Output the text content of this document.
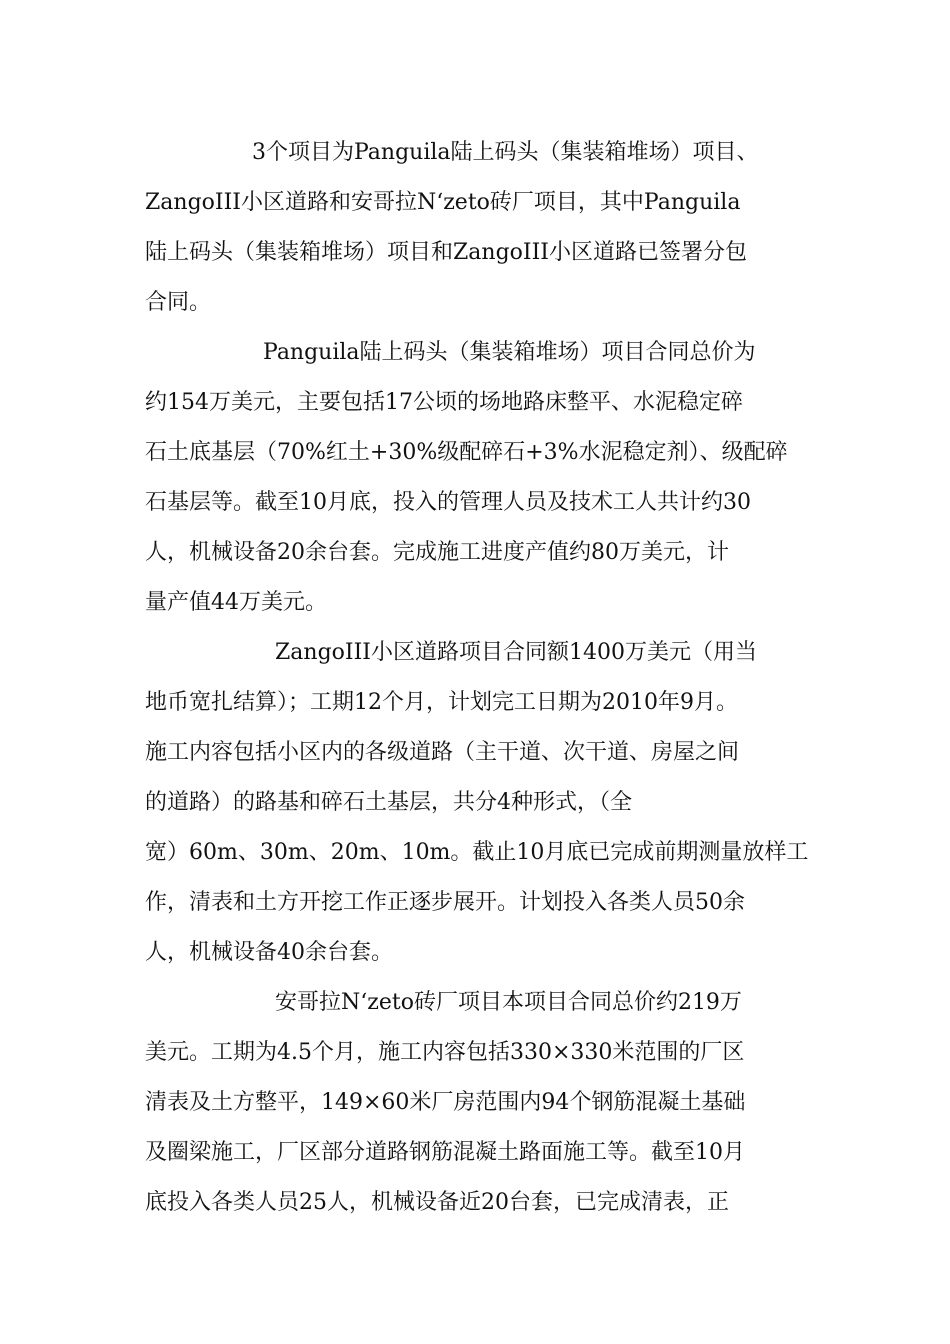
3个项目为Panguila陆上码头（集装箱堆场）项目、
ZangoIII小区道路和安哥拉N‘zeto砖厂项目，其中Panguila
陆上码头（集装箱堆场）项目和ZangoIII小区道路已签署分包
合同。
Panguila陆上码头（集装箱堆场）项目合同总价为
约154万美元，主要包括17公顷的场地路床整平、水泥稳定碎
石土底基层（70%红土+30%级配碎石+3%水泥稳定剂）、级配碎
石基层等。截至10月底，投入的管理人员及技术工人共计约30
人，机械设备20余台套。完成施工进度产值约80万美元，计
量产值44万美元。
ZangoIII小区道路项目合同额1400万美元（用当
地币宽扎结算）；工期12个月，计划完工日期为2010年9月。
施工内容包括小区内的各级道路（主干道、次干道、房屋之间
的道路）的路基和碎石土基层，共分4种形式，（全
宽）60m、30m、20m、10m。截止10月底已完成前期测量放样工
作，清表和土方开挖工作正逐步展开。计划投入各类人员50余
人，机械设备40余台套。
安哥拉N‘zeto砖厂项目本项目合同总价约219万
美元。工期为4.5个月，施工内容包括330×330米范围的厂区
清表及土方整平，149×60米厂房范围内94个钢筋混凝土基础
及圈梁施工，厂区部分道路钢筋混凝土路面施工等。截至10月
底投入各类人员25人，机械设备近20台套，已完成清表，正
